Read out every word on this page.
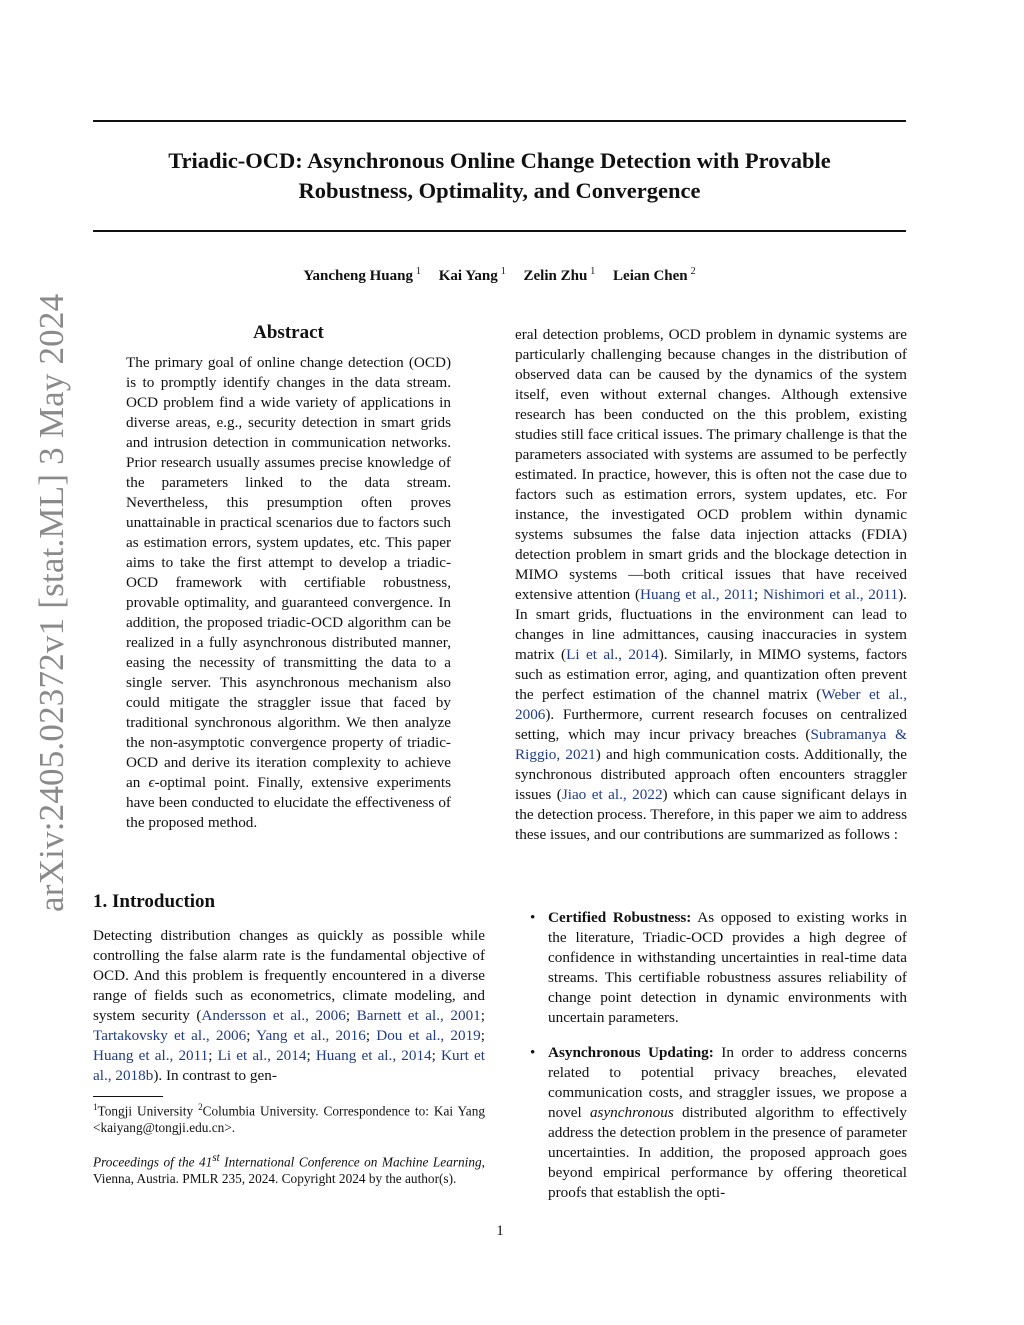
Triadic-OCD: Asynchronous Online Change Detection with Provable
Robustness, Optimality, and Convergence
Yancheng Huang $^1$ Kai Yang $^1$ Zelin Zhu $^1$ Leian Chen $^2$
arXiv:2405.02372v1 [stat.ML] 3 May 2024	Abstract
The primary goal of online change detection (OCD) is to promptly identify changes in the data stream. OCD problem find a wide variety of applications in diverse areas, e.g., security detection in smart grids and intrusion detection in communication networks. Prior research usually assumes precise knowledge of the parameters linked to the data stream. Nevertheless, this presumption often proves unattainable in practical scenarios due to factors such as estimation errors, system updates, etc. This paper aims to take the first attempt to develop a triadic-OCD framework with certifiable robustness, provable optimality, and guaranteed convergence. In addition, the proposed triadic-OCD algorithm can be realized in a fully asynchronous distributed manner, easing the necessity of transmitting the data to a single server. This asynchronous mechanism also could mitigate the straggler issue that faced by traditional synchronous algorithm. We then analyze the non-asymptotic convergence property of triadic-OCD and derive its iteration complexity to achieve an ϵ-optimal point. Finally, extensive experiments have been conducted to elucidate the effectiveness of the proposed method.
1. Introduction
Detecting distribution changes as quickly as possible while controlling the false alarm rate is the fundamental objective of OCD. And this problem is frequently encountered in a diverse range of fields such as econometrics, climate modeling, and system security (Andersson et al., 2006; Barnett et al., 2001; Tartakovsky et al., 2006; Yang et al., 2016; Dou et al., 2019; Huang et al., 2011; Li et al., 2014; Huang et al., 2014; Kurt et al., 2018b). In contrast to gen-
$^1$Tongji University $^2$Columbia University. Correspondence to: Kai Yang <kaiyang@tongji.edu.cn>.
Proceedings of the 41st International Conference on Machine Learning, Vienna, Austria. PMLR 235, 2024. Copyright 2024 by the author(s).
eral detection problems, OCD problem in dynamic systems are particularly challenging because changes in the distribution of observed data can be caused by the dynamics of the system itself, even without external changes. Although extensive research has been conducted on the this problem, existing studies still face critical issues. The primary challenge is that the parameters associated with systems are assumed to be perfectly estimated. In practice, however, this is often not the case due to factors such as estimation errors, system updates, etc. For instance, the investigated OCD problem within dynamic systems subsumes the false data injection attacks (FDIA) detection problem in smart grids and the blockage detection in MIMO systems —both critical issues that have received extensive attention (Huang et al., 2011; Nishimori et al., 2011). In smart grids, fluctuations in the environment can lead to changes in line admittances, causing inaccuracies in system matrix (Li et al., 2014). Similarly, in MIMO systems, factors such as estimation error, aging, and quantization often prevent the perfect estimation of the channel matrix (Weber et al., 2006). Furthermore, current research focuses on centralized setting, which may incur privacy breaches (Subramanya & Riggio, 2021) and high communication costs. Additionally, the synchronous distributed approach often encounters straggler issues (Jiao et al., 2022) which can cause significant delays in the detection process. Therefore, in this paper we aim to address these issues, and our contributions are summarized as follows :
• Certified Robustness: As opposed to existing works in the literature, Triadic-OCD provides a high degree of confidence in withstanding uncertainties in real-time data streams. This certifiable robustness assures reliability of change point detection in dynamic environments with uncertain parameters.
• Asynchronous Updating: In order to address concerns related to potential privacy breaches, elevated communication costs, and straggler issues, we propose a novel asynchronous distributed algorithm to effectively address the detection problem in the presence of parameter uncertainties. In addition, the proposed approach goes beyond empirical performance by offering theoretical proofs that establish the opti-
1
